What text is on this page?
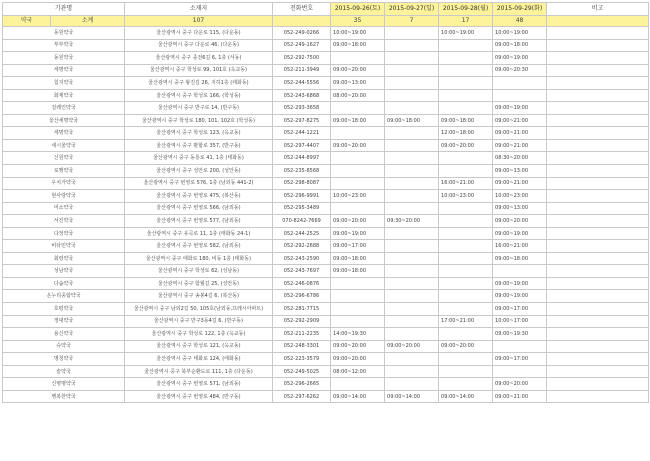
기관명		소재지	전화번호	2015-09-26(토)	2015-09-27(일)	2015-09-28(월)	2015-09-29(화)	비고
약국	소계	107		35	7	17	48	
동원약국		울산광역시 중구 다운로 115, (다운동)	052-249-0266	10:00~19:00		10:00~19:00	10:00~19:00	
부부약국		울산광역시 중구 다운로 46, (다운동)	052-249-1627	09:00~18:00			09:00~18:00	
동원약국		울산광역시 중구 종전6길 6, 1층 (서동)	052-292-7500				09:00~19:00	
세명약국		울산광역시 중구 학성로 99, 101호 (옥교동)	052-211-3949	09:00~20:00			09:00~20:30	
힘지약국		울산광역시 중구 왕진길 26, 지하1층 (태화동)	052-244-5556	09:00~13:00				
화제약국		울산광역시 중구 학성로 166, (학성동)	052-243-6868	08:00~20:00				
걸레인약국		울산광역시 중구 반구로 14, (반구동)	052-293-3658				09:00~19:00	
울산세명약국		울산광역시 중구 학성로 180, 101, 102호 (학성동)	052-297-8275	09:00~18:00	09:00~18:00	09:00~18:00	09:00~21:00	
세명약국		울산광역시 중구 학성로 123, (옥교동)	052-244-1221			12:00~18:00	09:00~21:00	
세시울약국		울산광역시 중구 괄합로 357, (반구동)	052-297-4407	09:00~20:00		09:00~20:00	09:00~21:00	
신원약국		울산광역시 중구 동룡로 41, 1층 (태화동)	052-244-8997				08:30~20:00	
로행약국		울산광역시 중구 성안로 200, (성안동)	052-235-8568				09:00~13:00	
우치가약국		울산광역시 중구 번영로 576, 1층 (남외동 441-2)	052-298-8087			16:00~21:00	09:00~21:00	
현사랑약국		울산광역시 중구 번영로 475, (복산동)	052-296-9991	10:00~23:00		10:00~23:00	10:00~23:00	
미소약국		울산광역시 중구 번영로 566, (남외동)	052-295-3489				09:00~13:00	
서진약국		울산광역시 중구 번영로 577, (남외동)	070-8242-7669	09:00~20:00	09:30~20:00		09:00~20:00	
다정약국		울산광역시 중구 유곡로 11, 1층 (태화동 24-1)	052-244-2525	09:00~19:00			09:00~19:00	
비타민약국		울산광역시 중구 번영로 582, (남외동)	052-292-2688	09:00~17:00			16:00~21:00	
회령약국		울산광역시 중구 태화로 180, 비동 1층 (태화동)	052-243-2590	09:00~18:00			09:00~18:00	
성남약국		울산광역시 중구 학성로 62, (성남동)	052-243-7697	09:00~18:00				
다솜약국		울산광역시 중구 함월길 25, (성안동)	052-246-0876				09:00~19:00	
온누리종합약국		울산광역시 중구 송봉4길 6, (복산동)	052-296-6786				09:00~19:00	
호평약국		울산광역시 중구 남외2길 50, 105호(남외동,프레시아파트)	052-281-7715				09:00~17:00	
정대약국		울산광역시 중구 반구3동4길 6, (반구동)	052-292-2909			17:00~21:00	10:00~17:00	
용신약국		울산광역시 중구 학성로 122, 1층 (옥교동)	052-211-2235	14:00~19:30			09:00~19:30	
슈약국		울산광역시 중구 학성로 121, (옥교동)	052-248-3301	09:00~20:00	09:00~20:00	09:00~20:00		
명청약국		울산광역시 중구 태화로 124, (태화동)	052-223-3579	09:00~20:00			09:00~17:00	
슬약국		울산광역시 중구 북부순환도로 111, 1층 (다운동)	052-249-5025	08:00~12:00				
신병명약국		울산광역시 중구 번영로 571, (남외동)	052-296-2665				09:00~20:00	
행복한약국		울산광역시 중구 번영로 484, (반구동)	052-297-6262	09:00~14:00	09:00~14:00	09:00~14:00	09:00~21:00	
